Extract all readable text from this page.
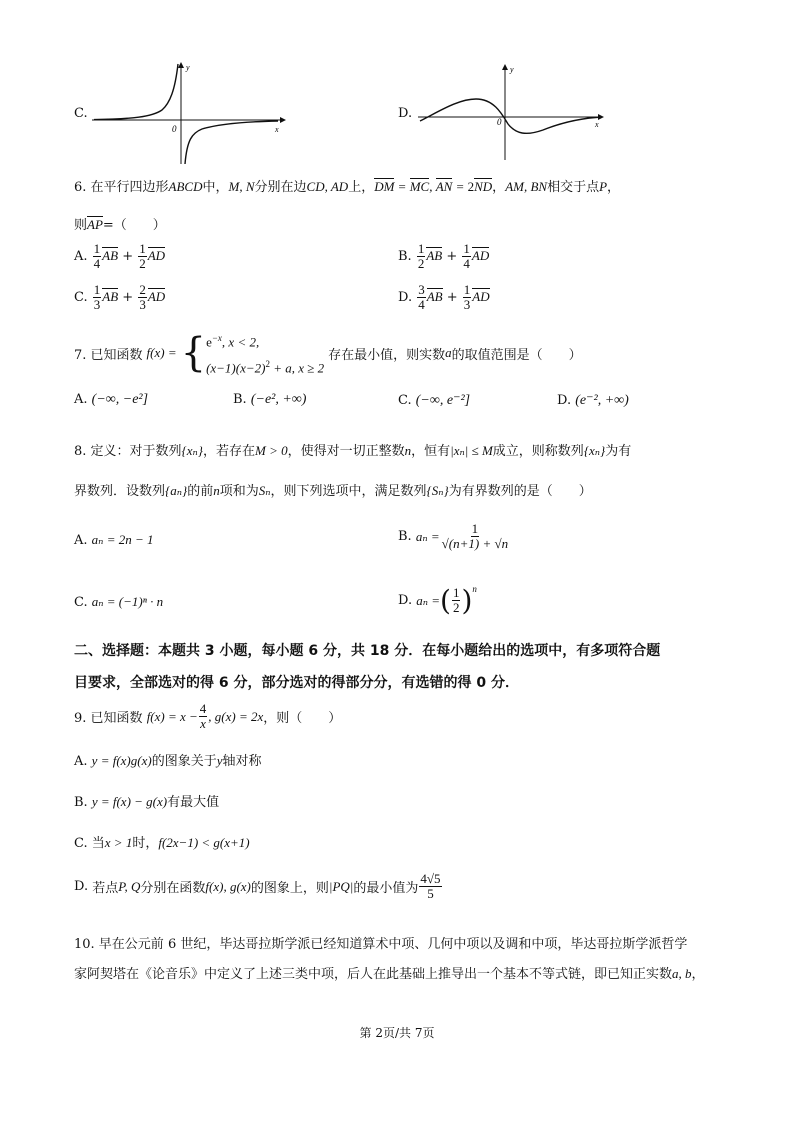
C.
y
x
0
D.
y
x
0
6. 在平行四边形ABCD中，M, N分别在边CD, AD上，DM = MC, AN = 2ND，AM, BN相交于点P，
则AP=（　　）
A. $\frac{1}{4}$ AB + $\frac{1}{2}$ AD	B. $\frac{1}{2}$ AB + $\frac{1}{4}$ AD
C. $\frac{1}{3}$ AB + $\frac{2}{3}$ AD	D. $\frac{3}{4}$ AB + $\frac{1}{3}$ AD
7. 已知函数 f(x) = { $e^{-x}$, x < 2,
$(x-1)(x-2)^2 + a$, x ≥ 2
存在最小值，则实数 a 的取值范围是（　　）
A. (−∞, −e²]	B. (−e², +∞)	C. (−∞, e⁻²]	D. (e⁻², +∞)
8. 定义：对于数列{xₙ}，若存在M > 0，使得对一切正整数n，恒有|xₙ| ≤ M成立，则称数列{xₙ}为有
界数列．设数列{aₙ}的前n项和为Sₙ，则下列选项中，满足数列{Sₙ}为有界数列的是（　　）
A. aₙ = 2n − 1	B.
$a_n = \frac{1}{√(n+1) + √n}$
C. aₙ = (−1)ⁿ · n	D.
aₙ = ( $\frac{1}{2} )^n$
二、选择题：本题共 3 小题，每小题 6 分，共 18 分．在每小题给出的选项中，有多项符合题
目要求，全部选对的得 6 分，部分选对的得部分分，有选错的得 0 分．
9. 已知函数
$f(x) = x - \frac{4}{x}$ , g(x) = 2x ，则（　　）
A. y = f(x)g(x)的图象关于y轴对称
B. y = f(x) − g(x)有最大值
C. 当x > 1时，f(2x−1) < g(x+1)
D.
若点 P, Q 分别在函数 f(x), g(x) 的图象上，则 |PQ| 的最小值为 $\frac{4√5}{5}$
10. 早在公元前 6 世纪，毕达哥拉斯学派已经知道算术中项、几何中项以及调和中项，毕达哥拉斯学派哲学
家阿契塔在《论音乐》中定义了上述三类中项，后人在此基础上推导出一个基本不等式链，即已知正实数a, b，
第 2页/共 7页
